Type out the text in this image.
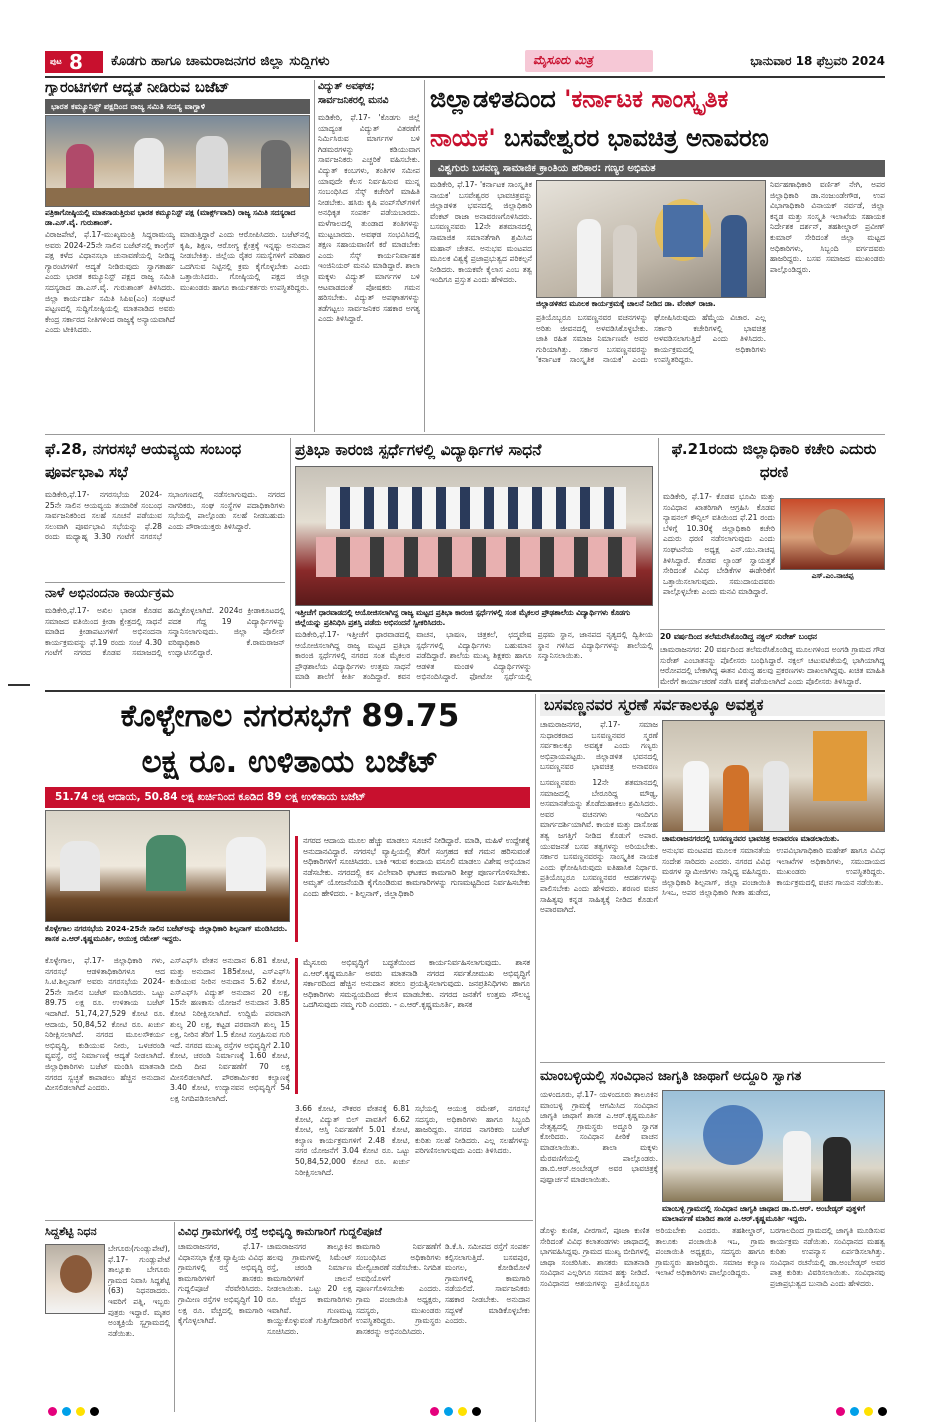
ಪುಟ 8 ಕೊಡಗು ಹಾಗೂ ಚಾಮರಾಜನಗರ ಜಿಲ್ಲಾ ಸುದ್ದಿಗಳು	ಮೈಸೂರು ಮಿತ್ರ	ಭಾನುವಾರ 18 ಫೆಬ್ರವರಿ 2024
ಗ್ಯಾರಂಟಿಗಳಿಗೆ ಆದ್ಯತೆ ನೀಡಿರುವ ಬಜೆಟ್
ಭಾರತ ಕಮ್ಯೂನಿಸ್ಟ್ ಪಕ್ಷದಿಂದ ರಾಜ್ಯ ಸಮಿತಿ ಸದಸ್ಯ ವಾಗ್ದಾಳಿ
ಪತ್ರಿಕಾಗೋಷ್ಠಿಯಲ್ಲಿ ಮಾತನಾಡುತ್ತಿರುವ ಭಾರತ ಕಮ್ಯೂನಿಸ್ಟ್ ಪಕ್ಷ (ಮಾರ್ಕ್ಸ್‌ವಾದಿ) ರಾಜ್ಯ ಸಮಿತಿ ಸದಸ್ಯರಾದ ಡಾ.ಎಸ್.ವೈ. ಗುರುಶಾಂತ್.
ವಿರಾಜಪೇಟೆ, ಫೆ.17-ಮುಖ್ಯಮಂತ್ರಿ ಸಿದ್ದರಾಮಯ್ಯ ಅವರು 2024-25ನೇ ಸಾಲಿನ ಬಜೆಟ್‌ನಲ್ಲಿ ಕಾಂಗ್ರೆಸ್ ಪಕ್ಷ ಕಳೆದ ವಿಧಾನಸಭಾ ಚುನಾವಣೆಯಲ್ಲಿ ನೀಡಿದ್ದ ಗ್ಯಾರಂಟಿಗಳಿಗೆ ಆದ್ಯತೆ ನೀಡಿರುವುದು ಸ್ವಾಗತಾರ್ಹ ಎಂದು ಭಾರತ ಕಮ್ಯೂನಿಸ್ಟ್ ಪಕ್ಷದ ರಾಜ್ಯ ಸಮಿತಿ ಸದಸ್ಯರಾದ ಡಾ.ಎಸ್.ವೈ. ಗುರುಶಾಂತ್ ತಿಳಿಸಿದರು. ಜಿಲ್ಲಾ ಕಾರ್ಯದರ್ಶಿ ಸಮಿತಿ ಸಿಪಿಐ(ಎಂ) ಸಂಘಟನೆ ಪಟ್ಟಣದಲ್ಲಿ ಸುದ್ದಿಗೋಷ್ಠಿಯಲ್ಲಿ ಮಾತನಾಡಿದ ಅವರು ಕೇಂದ್ರ ಸರ್ಕಾರದ ನೀತಿಗಳಿಂದ ರಾಜ್ಯಕ್ಕೆ ಅನ್ಯಾಯವಾಗಿದೆ ಎಂದು ಟೀಕಿಸಿದರು.
ಮಾಡುತ್ತಿದ್ದಾರೆ ಎಂದು ಆರೋಪಿಸಿದರು. ಬಜೆಟ್‌ನಲ್ಲಿ ಕೃಷಿ, ಶಿಕ್ಷಣ, ಆರೋಗ್ಯ ಕ್ಷೇತ್ರಕ್ಕೆ ಇನ್ನಷ್ಟು ಅನುದಾನ ನೀಡಬೇಕಿತ್ತು. ಜಿಲ್ಲೆಯ ರೈತರ ಸಮಸ್ಯೆಗಳಿಗೆ ಪರಿಹಾರ ಒದಗಿಸುವ ನಿಟ್ಟಿನಲ್ಲಿ ಕ್ರಮ ಕೈಗೊಳ್ಳಬೇಕು ಎಂದು ಒತ್ತಾಯಿಸಿದರು. ಗೋಷ್ಠಿಯಲ್ಲಿ ಪಕ್ಷದ ಜಿಲ್ಲಾ ಮುಖಂಡರು ಹಾಗೂ ಕಾರ್ಯಕರ್ತರು ಉಪಸ್ಥಿತರಿದ್ದರು.
ವಿದ್ಯುತ್ ಅವಘಡ; ಸಾರ್ವಜನಿಕರಲ್ಲಿ ಮನವಿ
ಮಡಿಕೇರಿ, ಫೆ.17- 'ಕೊಡಗು ಜಿಲ್ಲೆ ಯಾದ್ಯಂತ ವಿದ್ಯುತ್ ವಿತರಣೆಗೆ ನಿರ್ಮಿಸಿರುವ ಮಾರ್ಗಗಳ ಬಳಿ ಗಿಡಮರಗಳನ್ನು ಕಡಿಯುವಾಗ ಸಾರ್ವಜನಿಕರು ಎಚ್ಚರಿಕೆ ವಹಿಸಬೇಕು. ವಿದ್ಯುತ್ ಕಂಬಗಳು, ತಂತಿಗಳ ಸಮೀಪ ಯಾವುದೇ ಕೆಲಸ ನಿರ್ವಹಿಸುವ ಮುನ್ನ ಸಂಬಂಧಿಸಿದ ಸೆಸ್ಕ್ ಕಚೇರಿಗೆ ಮಾಹಿತಿ ನೀಡಬೇಕು. ಹಸಿರು ಕೃಷಿ ಪಂಪ್‌ಸೆಟ್‌ಗಳಿಗೆ ಅನಧಿಕೃತ ಸಂಪರ್ಕ ಪಡೆಯಬಾರದು. ಮಳೆಗಾಲದಲ್ಲಿ ತುಂಡಾದ ತಂತಿಗಳನ್ನು ಮುಟ್ಟಬಾರದು. ಅವಘಡ ಸಂಭವಿಸಿದಲ್ಲಿ ತಕ್ಷಣ ಸಹಾಯವಾಣಿಗೆ ಕರೆ ಮಾಡಬೇಕು ಎಂದು ಸೆಸ್ಕ್ ಕಾರ್ಯನಿರ್ವಾಹಕ ಇಂಜಿನಿಯರ್ ಮನವಿ ಮಾಡಿದ್ದಾರೆ. ಶಾಲಾ ಮಕ್ಕಳು ವಿದ್ಯುತ್ ಮಾರ್ಗಗಳ ಬಳಿ ಆಟವಾಡದಂತೆ ಪೋಷಕರು ಗಮನ ಹರಿಸಬೇಕು. ವಿದ್ಯುತ್ ಅಪಘಾತಗಳನ್ನು ತಡೆಗಟ್ಟಲು ಸಾರ್ವಜನಿಕರ ಸಹಕಾರ ಅಗತ್ಯ ಎಂದು ತಿಳಿಸಿದ್ದಾರೆ.
ಜಿಲ್ಲಾಡಳಿತದಿಂದ 'ಕರ್ನಾಟಕ ಸಾಂಸ್ಕೃತಿಕ
ನಾಯಕ' ಬಸವೇಶ್ವರರ ಭಾವಚಿತ್ರ ಅನಾವರಣ
ವಿಶ್ವಗುರು ಬಸವಣ್ಣ ಸಾಮಾಜಿಕ ಕ್ರಾಂತಿಯ ಹರಿಕಾರ: ಗಣ್ಯರ ಅಭಿಮತ
ಜಿಲ್ಲಾಡಳಿತದ ಮೂಲಕ ಕಾರ್ಯಕ್ರಮಕ್ಕೆ ಚಾಲನೆ ನೀಡಿದ ಡಾ. ವೆಂಕಟ್ ರಾಜಾ.
ಮಡಿಕೇರಿ, ಫೆ.17- 'ಕರ್ನಾಟಕ ಸಾಂಸ್ಕೃತಿಕ ನಾಯಕ' ಬಸವೇಶ್ವರರ ಭಾವಚಿತ್ರವನ್ನು ಜಿಲ್ಲಾಡಳಿತ ಭವನದಲ್ಲಿ ಜಿಲ್ಲಾಧಿಕಾರಿ ವೆಂಕಟ್ ರಾಜಾ ಅನಾವರಣಗೊಳಿಸಿದರು. ಬಸವಣ್ಣನವರು 12ನೇ ಶತಮಾನದಲ್ಲಿ ಸಾಮಾಜಿಕ ಸಮಾನತೆಗಾಗಿ ಶ್ರಮಿಸಿದ ಮಹಾನ್ ಚೇತನ. ಅನುಭವ ಮಂಟಪದ ಮೂಲಕ ವಿಶ್ವಕ್ಕೆ ಪ್ರಜಾಪ್ರಭುತ್ವದ ಪರಿಕಲ್ಪನೆ ನೀಡಿದರು. ಕಾಯಕವೇ ಕೈಲಾಸ ಎಂಬ ತತ್ವ ಇಂದಿಗೂ ಪ್ರಸ್ತುತ ಎಂದು ಹೇಳಿದರು.
ಪ್ರತಿಯೊಬ್ಬರೂ ಬಸವಣ್ಣನವರ ವಚನಗಳನ್ನು ಅರಿತು ಜೀವನದಲ್ಲಿ ಅಳವಡಿಸಿಕೊಳ್ಳಬೇಕು. ಜಾತಿ ರಹಿತ ಸಮಾಜ ನಿರ್ಮಾಣವೇ ಅವರ ಗುರಿಯಾಗಿತ್ತು. ಸರ್ಕಾರ ಬಸವಣ್ಣನವರನ್ನು 'ಕರ್ನಾಟಕ ಸಾಂಸ್ಕೃತಿಕ ನಾಯಕ' ಎಂದು ಘೋಷಿಸಿರುವುದು ಹೆಮ್ಮೆಯ ವಿಚಾರ. ಎಲ್ಲ ಸರ್ಕಾರಿ ಕಚೇರಿಗಳಲ್ಲಿ ಭಾವಚಿತ್ರ ಅಳವಡಿಸಲಾಗುತ್ತಿದೆ ಎಂದು ತಿಳಿಸಿದರು. ಕಾರ್ಯಕ್ರಮದಲ್ಲಿ ಅಧಿಕಾರಿಗಳು ಉಪಸ್ಥಿತರಿದ್ದರು.
ನಿರ್ವಹಣಾಧಿಕಾರಿ ವರ್ಣಿತ್ ನೇಗಿ, ಅಪರ ಜಿಲ್ಲಾಧಿಕಾರಿ ಡಾ.ನಂಜುಂಡೇಗೌಡ, ಉಪ ವಿಭಾಗಾಧಿಕಾರಿ ವಿನಾಯಕ್ ನರ್ವಡೆ, ಜಿಲ್ಲಾ ಕನ್ನಡ ಮತ್ತು ಸಂಸ್ಕೃತಿ ಇಲಾಖೆಯ ಸಹಾಯಕ ನಿರ್ದೇಶಕ ದರ್ಶನ್, ತಹಶೀಲ್ದಾರ್ ಪ್ರವೀಣ್ ಕುಮಾರ್ ಸೇರಿದಂತೆ ಜಿಲ್ಲಾ ಮಟ್ಟದ ಅಧಿಕಾರಿಗಳು, ಸಿಬ್ಬಂದಿ ವರ್ಗದವರು ಹಾಜರಿದ್ದರು. ಬಸವ ಸಮಾಜದ ಮುಖಂಡರು ಪಾಲ್ಗೊಂಡಿದ್ದರು.
ಫೆ.28, ನಗರಸಭೆ ಆಯವ್ಯಯ ಸಂಬಂಧ ಪೂರ್ವಭಾವಿ ಸಭೆ
ಮಡಿಕೇರಿ,ಫೆ.17- ನಗರಸಭೆಯ 2024-25ನೇ ಸಾಲಿನ ಆಯವ್ಯಯ ತಯಾರಿಕೆ ಸಂಬಂಧ ಸಾರ್ವಜನಿಕರಿಂದ ಸಲಹೆ ಸೂಚನೆ ಪಡೆಯುವ ಸಲುವಾಗಿ ಪೂರ್ವಭಾವಿ ಸಭೆಯನ್ನು ಫೆ.28 ರಂದು ಮಧ್ಯಾಹ್ನ 3.30 ಗಂಟೆಗೆ ನಗರಸಭೆ ಸಭಾಂಗಣದಲ್ಲಿ ನಡೆಸಲಾಗುವುದು. ನಗರದ ನಾಗರಿಕರು, ಸಂಘ ಸಂಸ್ಥೆಗಳ ಪದಾಧಿಕಾರಿಗಳು ಸಭೆಯಲ್ಲಿ ಪಾಲ್ಗೊಂಡು ಸಲಹೆ ನೀಡಬಹುದು ಎಂದು ಪೌರಾಯುಕ್ತರು ತಿಳಿಸಿದ್ದಾರೆ.
ನಾಳೆ ಅಭಿನಂದನಾ ಕಾರ್ಯಕ್ರಮ
ಮಡಿಕೇರಿ,ಫೆ.17- ಅಖಿಲ ಭಾರತ ಕೊಡವ ಸಮಾಜದ ವತಿಯಿಂದ ಕ್ರೀಡಾ ಕ್ಷೇತ್ರದಲ್ಲಿ ಸಾಧನೆ ಮಾಡಿದ ಕ್ರೀಡಾಪಟುಗಳಿಗೆ ಅಭಿನಂದನಾ ಕಾರ್ಯಕ್ರಮವನ್ನು ಫೆ.19 ರಂದು ಸಂಜೆ 4.30 ಗಂಟೆಗೆ ನಗರದ ಕೊಡವ ಸಮಾಜದಲ್ಲಿ ಹಮ್ಮಿಕೊಳ್ಳಲಾಗಿದೆ. 2024ರ ಕ್ರೀಡಾಕೂಟದಲ್ಲಿ ಪದಕ ಗೆದ್ದ 19 ವಿದ್ಯಾರ್ಥಿಗಳನ್ನು ಸನ್ಮಾನಿಸಲಾಗುವುದು. ಜಿಲ್ಲಾ ಪೊಲೀಸ್ ವರಿಷ್ಠಾಧಿಕಾರಿ ಕೆ.ರಾಮರಾಜನ್ ಉದ್ಘಾಟಿಸಲಿದ್ದಾರೆ.
ಪ್ರತಿಭಾ ಕಾರಂಜಿ ಸ್ಪರ್ಧೆಗಳಲ್ಲಿ ವಿದ್ಯಾರ್ಥಿಗಳ ಸಾಧನೆ
ಇತ್ತೀಚೆಗೆ ಧಾರವಾಡದಲ್ಲಿ ಆಯೋಜಿಸಲಾಗಿದ್ದ ರಾಜ್ಯ ಮಟ್ಟದ ಪ್ರತಿಭಾ ಕಾರಂಜಿ ಸ್ಪರ್ಧೆಗಳಲ್ಲಿ ಸಂತ ಮೈಕಲರ ಪ್ರೌಢಶಾಲೆಯ ವಿದ್ಯಾರ್ಥಿಗಳು ಕೊಡಗು ಜಿಲ್ಲೆಯನ್ನು ಪ್ರತಿನಿಧಿಸಿ ಪ್ರಶಸ್ತಿ ಪಡೆದು ಅಭಿನಂದನೆ ಸ್ವೀಕರಿಸಿದರು.
ಮಡಿಕೇರಿ,ಫೆ.17- ಇತ್ತೀಚೆಗೆ ಧಾರವಾಡದಲ್ಲಿ ಆಯೋಜಿಸಲಾಗಿದ್ದ ರಾಜ್ಯ ಮಟ್ಟದ ಪ್ರತಿಭಾ ಕಾರಂಜಿ ಸ್ಪರ್ಧೆಗಳಲ್ಲಿ ನಗರದ ಸಂತ ಮೈಕಲರ ಪ್ರೌಢಶಾಲೆಯ ವಿದ್ಯಾರ್ಥಿಗಳು ಉತ್ತಮ ಸಾಧನೆ ಮಾಡಿ ಶಾಲೆಗೆ ಕೀರ್ತಿ ತಂದಿದ್ದಾರೆ. ಕವನ ವಾಚನ, ಭಾಷಣ, ಚಿತ್ರಕಲೆ, ಛದ್ಮವೇಷ ಸ್ಪರ್ಧೆಗಳಲ್ಲಿ ವಿದ್ಯಾರ್ಥಿಗಳು ಬಹುಮಾನ ಪಡೆದಿದ್ದಾರೆ. ಶಾಲೆಯ ಮುಖ್ಯ ಶಿಕ್ಷಕರು ಹಾಗೂ ಆಡಳಿತ ಮಂಡಳಿ ವಿದ್ಯಾರ್ಥಿಗಳನ್ನು ಅಭಿನಂದಿಸಿದ್ದಾರೆ. ಫೋಟೋ ಸ್ಪರ್ಧೆಯಲ್ಲಿ ಪ್ರಥಮ ಸ್ಥಾನ, ಜಾನಪದ ನೃತ್ಯದಲ್ಲಿ ದ್ವಿತೀಯ ಸ್ಥಾನ ಗಳಿಸಿದ ವಿದ್ಯಾರ್ಥಿಗಳನ್ನು ಶಾಲೆಯಲ್ಲಿ ಸನ್ಮಾನಿಸಲಾಯಿತು.
ಫೆ.21ರಂದು ಜಿಲ್ಲಾಧಿಕಾರಿ ಕಚೇರಿ ಎದುರು ಧರಣಿ
ಎಸ್.ಎಂ.ನಾಚಪ್ಪ
ಮಡಿಕೇರಿ, ಫೆ.17- ಕೊಡವ ಭೂಮಿ ಮತ್ತು ಸಂವಿಧಾನ ಖಾತರಿಗಾಗಿ ಆಗ್ರಹಿಸಿ ಕೊಡವ ನ್ಯಾಷನಲ್ ಕೌನ್ಸಿಲ್ ವತಿಯಿಂದ ಫೆ.21 ರಂದು ಬೆಳಿಗ್ಗೆ 10.30ಕ್ಕೆ ಜಿಲ್ಲಾಧಿಕಾರಿ ಕಚೇರಿ ಎದುರು ಧರಣಿ ನಡೆಸಲಾಗುವುದು ಎಂದು ಸಂಘಟನೆಯ ಅಧ್ಯಕ್ಷ ಎನ್.ಯು.ನಾಚಪ್ಪ ತಿಳಿಸಿದ್ದಾರೆ. ಕೊಡವ ಲ್ಯಾಂಡ್ ಸ್ವಾಯತ್ತತೆ ಸೇರಿದಂತೆ ವಿವಿಧ ಬೇಡಿಕೆಗಳ ಈಡೇರಿಕೆಗೆ ಒತ್ತಾಯಿಸಲಾಗುವುದು. ಸಮುದಾಯದವರು ಪಾಲ್ಗೊಳ್ಳಬೇಕು ಎಂದು ಮನವಿ ಮಾಡಿದ್ದಾರೆ.
20 ವರ್ಷದಿಂದ ತಲೆಮರೆಸಿಕೊಂಡಿದ್ದ ನಕ್ಸಲ್ ಸುರೇಶ್ ಬಂಧನ
ಚಾಮರಾಜನಗರ: 20 ವರ್ಷದಿಂದ ತಲೆಮರೆಸಿಕೊಂಡಿದ್ದ ಮೂಲಗಳಿಂದ ಅಂಗಡಿ ಗ್ರಾಮದ ಗೌಡ ಸುರೇಶ್ ಎಂಬಾತನನ್ನು ಪೊಲೀಸರು ಬಂಧಿಸಿದ್ದಾರೆ. ನಕ್ಸಲ್ ಚಟುವಟಿಕೆಯಲ್ಲಿ ಭಾಗಿಯಾಗಿದ್ದ ಆರೋಪದಲ್ಲಿ ಬೇಕಾಗಿದ್ದ ಈತನ ವಿರುದ್ಧ ಹಲವು ಪ್ರಕರಣಗಳು ದಾಖಲಾಗಿದ್ದವು. ಖಚಿತ ಮಾಹಿತಿ ಮೇರೆಗೆ ಕಾರ್ಯಾಚರಣೆ ನಡೆಸಿ ವಶಕ್ಕೆ ಪಡೆಯಲಾಗಿದೆ ಎಂದು ಪೊಲೀಸರು ತಿಳಿಸಿದ್ದಾರೆ.
ಕೊಳ್ಳೇಗಾಲ ನಗರಸಭೆಗೆ 89.75
ಲಕ್ಷ ರೂ. ಉಳಿತಾಯ ಬಜೆಟ್
51.74 ಲಕ್ಷ ಆದಾಯ, 50.84 ಲಕ್ಷ ಖರ್ಚಿನಿಂದ ಕೂಡಿದ 89 ಲಕ್ಷ ಉಳಿತಾಯ ಬಜೆಟ್
ಕೊಳ್ಳೇಗಾಲ ನಗರಸಭೆಯ 2024-25ನೇ ಸಾಲಿನ ಬಜೆಟ್‌ಅನ್ನು ಜಿಲ್ಲಾಧಿಕಾರಿ ಶಿಲ್ಪನಾಗ್ ಮಂಡಿಸಿದರು. ಶಾಸಕ ಎ.ಆರ್.ಕೃಷ್ಣಮೂರ್ತಿ, ಆಯುಕ್ತ ರಮೇಶ್ ಇದ್ದರು.
ಕೊಳ್ಳೇಗಾಲ, ಫೆ.17- ಜಿಲ್ಲಾಧಿಕಾರಿ ಗಳು, ನಗರಸಭೆ ಆಡಳಿತಾಧಿಕಾರಿಗಳೂ ಆದ ಸಿ.ಟಿ.ಶಿಲ್ಪನಾಗ್ ಅವರು ನಗರಸಭೆಯ 2024-25ನೇ ಸಾಲಿನ ಬಜೆಟ್ ಮಂಡಿಸಿದರು. ಒಟ್ಟು 89.75 ಲಕ್ಷ ರೂ. ಉಳಿತಾಯ ಬಜೆಟ್ ಇದಾಗಿದೆ. 51,74,27,529 ಕೋಟಿ ರೂ. ಆದಾಯ, 50,84,52 ಕೋಟಿ ರೂ. ಖರ್ಚು ನಿರೀಕ್ಷಿಸಲಾಗಿದೆ. ನಗರದ ಮೂಲಸೌಕರ್ಯ ಅಭಿವೃದ್ಧಿ, ಕುಡಿಯುವ ನೀರು, ಒಳಚರಂಡಿ ವ್ಯವಸ್ಥೆ, ರಸ್ತೆ ನಿರ್ಮಾಣಕ್ಕೆ ಆದ್ಯತೆ ನೀಡಲಾಗಿದೆ. ಜಿಲ್ಲಾಧಿಕಾರಿಗಳು ಬಜೆಟ್ ಮಂಡಿಸಿ ಮಾತನಾಡಿ ನಗರದ ಸ್ವಚ್ಛತೆ ಕಾಪಾಡಲು ಹೆಚ್ಚಿನ ಅನುದಾನ ಮೀಸಲಿಡಲಾಗಿದೆ ಎಂದರು.
ಎಸ್‌ಎಫ್‌ಸಿ ವೇತನ ಅನುದಾನ 6.81 ಕೋಟಿ, ಮತ್ತು ಅನುದಾನ 185ಕೋಟಿ, ಎಸ್‌ಎಫ್‌ಸಿ ಕುಡಿಯುವ ನೀರಿನ ಅನುದಾನ 5.62 ಕೋಟಿ, ಎಸ್‌ಎಫ್‌ಸಿ ವಿದ್ಯುತ್ ಅನುದಾನ 20 ಲಕ್ಷ, 15ನೇ ಹಣಕಾಸು ಯೋಜನೆ ಅನುದಾನ 3.85 ಕೋಟಿ ನಿರೀಕ್ಷಿಸಲಾಗಿದೆ. ಉದ್ದಿಮೆ ಪರವಾನಗಿ ಶುಲ್ಕ 20 ಲಕ್ಷ, ಕಟ್ಟಡ ಪರವಾನಗಿ ಶುಲ್ಕ 15 ಲಕ್ಷ, ನೀರಿನ ತೆರಿಗೆ 1.5 ಕೋಟಿ ಸಂಗ್ರಹಿಸುವ ಗುರಿ ಇದೆ. ನಗರದ ಮುಖ್ಯ ರಸ್ತೆಗಳ ಅಭಿವೃದ್ಧಿಗೆ 2.10 ಕೋಟಿ, ಚರಂಡಿ ನಿರ್ಮಾಣಕ್ಕೆ 1.60 ಕೋಟಿ, ಬೀದಿ ದೀಪ ನಿರ್ವಹಣೆಗೆ 70 ಲಕ್ಷ ಮೀಸಲಿಡಲಾಗಿದೆ. ಪೌರಕಾರ್ಮಿಕರ ಕಲ್ಯಾಣಕ್ಕೆ 3.40 ಕೋಟಿ, ಉದ್ಯಾನವನ ಅಭಿವೃದ್ಧಿಗೆ 54 ಲಕ್ಷ ನಿಗದಿಪಡಿಸಲಾಗಿದೆ.
ನಗರದ ಆದಾಯ ಮೂಲ ಹೆಚ್ಚು ಮಾಡಲು ಸೂಚನೆ ನೀಡಿದ್ದಾರೆ. ಮಾಡಿ, ಮಹಿಳೆ ಉದ್ದೇಶಕ್ಕೆ ಅನುದಾನವಿದ್ದಾರೆ. ನಗರಸಭೆ ವ್ಯಾಪ್ತಿಯಲ್ಲಿ ತೆರಿಗೆ ಸಂಗ್ರಹದ ಕಡೆ ಗಮನ ಹರಿಸುವಂತೆ ಅಧಿಕಾರಿಗಳಿಗೆ ಸೂಚಿಸಿದರು. ಬಾಕಿ ಇರುವ ಕಂದಾಯ ವಸೂಲಿ ಮಾಡಲು ವಿಶೇಷ ಅಭಿಯಾನ ನಡೆಸಬೇಕು. ನಗರದಲ್ಲಿ ಕಸ ವಿಲೇವಾರಿ ಘಟಕದ ಕಾಮಗಾರಿ ಶೀಘ್ರ ಪೂರ್ಣಗೊಳಿಸಬೇಕು. ಅಮೃತ್ ಯೋಜನೆಯಡಿ ಕೈಗೊಂಡಿರುವ ಕಾಮಗಾರಿಗಳನ್ನು ಗುಣಮಟ್ಟದಿಂದ ನಿರ್ವಹಿಸಬೇಕು ಎಂದು ಹೇಳಿದರು. - ಶಿಲ್ಪನಾಗ್, ಜಿಲ್ಲಾಧಿಕಾರಿ
ಮೈಸೂರು ಅಭಿವೃದ್ಧಿಗೆ ಬದ್ಧತೆಯಿಂದ ಕಾರ್ಯನಿರ್ವಹಿಸಲಾಗುವುದು. ಶಾಸಕ ಎ.ಆರ್.ಕೃಷ್ಣಮೂರ್ತಿ ಅವರು ಮಾತನಾಡಿ ನಗರದ ಸರ್ವತೋಮುಖ ಅಭಿವೃದ್ಧಿಗೆ ಸರ್ಕಾರದಿಂದ ಹೆಚ್ಚಿನ ಅನುದಾನ ತರಲು ಪ್ರಯತ್ನಿಸಲಾಗುವುದು. ಜನಪ್ರತಿನಿಧಿಗಳು ಹಾಗೂ ಅಧಿಕಾರಿಗಳು ಸಮನ್ವಯದಿಂದ ಕೆಲಸ ಮಾಡಬೇಕು. ನಗರದ ಜನತೆಗೆ ಉತ್ತಮ ಸೌಲಭ್ಯ ಒದಗಿಸುವುದು ನಮ್ಮ ಗುರಿ ಎಂದರು. - ಎ.ಆರ್.ಕೃಷ್ಣಮೂರ್ತಿ, ಶಾಸಕ
3.66 ಕೋಟಿ, ನೌಕರರ ವೇತನಕ್ಕೆ 6.81 ಕೋಟಿ, ವಿದ್ಯುತ್ ಬಿಲ್ ಪಾವತಿಗೆ 6.62 ಕೋಟಿ, ಆಸ್ತಿ ನಿರ್ವಹಣೆಗೆ 5.01 ಕೋಟಿ, ಕಲ್ಯಾಣ ಕಾರ್ಯಕ್ರಮಗಳಿಗೆ 2.48 ಕೋಟಿ, ನಗರ ಯೋಜನೆಗೆ 3.04 ಕೋಟಿ ರೂ. ಒಟ್ಟು 50,84,52,000 ಕೋಟಿ ರೂ. ಖರ್ಚು ನಿರೀಕ್ಷಿಸಲಾಗಿದೆ.
ಸಭೆಯಲ್ಲಿ ಆಯುಕ್ತ ರಮೇಶ್, ನಗರಸಭೆ ಸದಸ್ಯರು, ಅಧಿಕಾರಿಗಳು ಹಾಗೂ ಸಿಬ್ಬಂದಿ ಹಾಜರಿದ್ದರು. ನಗರದ ನಾಗರಿಕರು ಬಜೆಟ್ ಕುರಿತು ಸಲಹೆ ನೀಡಿದರು. ಎಲ್ಲ ಸಲಹೆಗಳನ್ನು ಪರಿಗಣಿಸಲಾಗುವುದು ಎಂದು ತಿಳಿಸಿದರು.
ಬಸವಣ್ಣನವರ ಸ್ಮರಣೆ ಸರ್ವಕಾಲಕ್ಕೂ ಅವಶ್ಯಕ
ಚಾಮರಾಜನಗರ, ಫೆ.17- ಸಮಾಜ ಸುಧಾರಕರಾದ ಬಸವಣ್ಣನವರ ಸ್ಮರಣೆ ಸರ್ವಕಾಲಕ್ಕೂ ಅವಶ್ಯಕ ಎಂದು ಗಣ್ಯರು ಅಭಿಪ್ರಾಯಪಟ್ಟರು. ಜಿಲ್ಲಾಡಳಿತ ಭವನದಲ್ಲಿ ಬಸವಣ್ಣನವರ ಭಾವಚಿತ್ರ ಅನಾವರಣ
ಬಸವಣ್ಣನವರು 12ನೇ ಶತಮಾನದಲ್ಲಿ ಸಮಾಜದಲ್ಲಿ ಬೇರೂರಿದ್ದ ಮೌಢ್ಯ, ಅಸಮಾನತೆಯನ್ನು ತೊಡೆದುಹಾಕಲು ಶ್ರಮಿಸಿದರು. ಅವರ ವಚನಗಳು ಇಂದಿಗೂ ಮಾರ್ಗದರ್ಶಿಯಾಗಿವೆ. ಕಾಯಕ ಮತ್ತು ದಾಸೋಹ ತತ್ವ ಜಗತ್ತಿಗೆ ನೀಡಿದ ಕೊಡುಗೆ ಅಪಾರ. ಯುವಜನತೆ ಬಸವ ತತ್ವಗಳನ್ನು ಅರಿಯಬೇಕು. ಸರ್ಕಾರ ಬಸವಣ್ಣನವರನ್ನು ಸಾಂಸ್ಕೃತಿಕ ನಾಯಕ ಎಂದು ಘೋಷಿಸಿರುವುದು ಐತಿಹಾಸಿಕ ನಿರ್ಧಾರ. ಪ್ರತಿಯೊಬ್ಬರೂ ಬಸವಣ್ಣನವರ ಆದರ್ಶಗಳನ್ನು ಪಾಲಿಸಬೇಕು ಎಂದು ಹೇಳಿದರು. ಶರಣರ ವಚನ ಸಾಹಿತ್ಯವು ಕನ್ನಡ ಸಾಹಿತ್ಯಕ್ಕೆ ನೀಡಿದ ಕೊಡುಗೆ ಅಪಾರವಾಗಿದೆ.
ಚಾಮರಾಜನಗರದಲ್ಲಿ ಬಸವಣ್ಣನವರ ಭಾವಚಿತ್ರ ಅನಾವರಣ ಮಾಡಲಾಯಿತು.
ಅನುಭವ ಮಂಟಪದ ಮೂಲಕ ಸಮಾನತೆಯ ಸಂದೇಶ ಸಾರಿದರು ಎಂದರು. ನಗರದ ವಿವಿಧ ಮಠಗಳ ಸ್ವಾಮೀಜಿಗಳು ಸಾನ್ನಿಧ್ಯ ವಹಿಸಿದ್ದರು. ಜಿಲ್ಲಾಧಿಕಾರಿ ಶಿಲ್ಪನಾಗ್, ಜಿಲ್ಲಾ ಪಂಚಾಯಿತಿ ಸಿಇಒ, ಅಪರ ಜಿಲ್ಲಾಧಿಕಾರಿ ಗೀತಾ ಹುಡೇದ, ಉಪವಿಭಾಗಾಧಿಕಾರಿ ಮಹೇಶ್ ಹಾಗೂ ವಿವಿಧ ಇಲಾಖೆಗಳ ಅಧಿಕಾರಿಗಳು, ಸಮುದಾಯದ ಮುಖಂಡರು ಉಪಸ್ಥಿತರಿದ್ದರು. ಕಾರ್ಯಕ್ರಮದಲ್ಲಿ ವಚನ ಗಾಯನ ನಡೆಯಿತು.
ಮಾಂಬಳ್ಳಿಯಲ್ಲಿ ಸಂವಿಧಾನ ಜಾಗೃತಿ ಜಾಥಾಗೆ ಅದ್ದೂರಿ ಸ್ವಾಗತ
ಯಳಂದೂರು, ಫೆ.17- ಯಳಂದೂರು ತಾಲೂಕಿನ ಮಾಂಬಳ್ಳಿ ಗ್ರಾಮಕ್ಕೆ ಆಗಮಿಸಿದ ಸಂವಿಧಾನ ಜಾಗೃತಿ ಜಾಥಾಗೆ ಶಾಸಕ ಎ.ಆರ್.ಕೃಷ್ಣಮೂರ್ತಿ ನೇತೃತ್ವದಲ್ಲಿ ಗ್ರಾಮಸ್ಥರು ಅದ್ದೂರಿ ಸ್ವಾಗತ ಕೋರಿದರು. ಸಂವಿಧಾನ ಪೀಠಿಕೆ ವಾಚನ ಮಾಡಲಾಯಿತು. ಶಾಲಾ ಮಕ್ಕಳು ಮೆರವಣಿಗೆಯಲ್ಲಿ ಪಾಲ್ಗೊಂಡರು. ಡಾ.ಬಿ.ಆರ್.ಅಂಬೇಡ್ಕರ್ ಅವರ ಭಾವಚಿತ್ರಕ್ಕೆ ಪುಷ್ಪಾರ್ಚನೆ ಮಾಡಲಾಯಿತು.
ಮಾಂಬಳ್ಳಿ ಗ್ರಾಮದಲ್ಲಿ ಸಂವಿಧಾನ ಜಾಗೃತಿ ಜಾಥಾದ ಡಾ.ಬಿ.ಆರ್. ಅಂಬೇಡ್ಕರ್ ಪುತ್ಥಳಿಗೆ ಮಾಲಾರ್ಪಣೆ ಮಾಡಿದ ಶಾಸಕ ಎ.ಆರ್.ಕೃಷ್ಣಮೂರ್ತಿ ಇದ್ದರು.
ಡೊಳ್ಳು ಕುಣಿತ, ವೀರಗಾಸೆ, ಪೂಜಾ ಕುಣಿತ ಸೇರಿದಂತೆ ವಿವಿಧ ಕಲಾತಂಡಗಳು ಜಾಥಾದಲ್ಲಿ ಭಾಗವಹಿಸಿದ್ದವು. ಗ್ರಾಮದ ಮುಖ್ಯ ಬೀದಿಗಳಲ್ಲಿ ಜಾಥಾ ಸಂಚರಿಸಿತು. ಶಾಸಕರು ಮಾತನಾಡಿ ಸಂವಿಧಾನ ಎಲ್ಲರಿಗೂ ಸಮಾನ ಹಕ್ಕು ನೀಡಿದೆ. ಸಂವಿಧಾನದ ಆಶಯಗಳನ್ನು ಪ್ರತಿಯೊಬ್ಬರೂ ಅರಿಯಬೇಕು ಎಂದರು. ತಹಶೀಲ್ದಾರ್, ತಾಲೂಕು ಪಂಚಾಯಿತಿ ಇಒ, ಗ್ರಾಮ ಪಂಚಾಯಿತಿ ಅಧ್ಯಕ್ಷರು, ಸದಸ್ಯರು ಹಾಗೂ ಗ್ರಾಮಸ್ಥರು ಹಾಜರಿದ್ದರು. ಸಮಾಜ ಕಲ್ಯಾಣ ಇಲಾಖೆ ಅಧಿಕಾರಿಗಳು ಪಾಲ್ಗೊಂಡಿದ್ದರು.
ಬರಗಾಲದಿಂದ ಗ್ರಾಮದಲ್ಲಿ ಜಾಗೃತಿ ಮೂಡಿಸುವ ಕಾರ್ಯಕ್ರಮ ನಡೆಯಿತು. ಸಂವಿಧಾನದ ಮಹತ್ವ ಕುರಿತು ಉಪನ್ಯಾಸ ಏರ್ಪಡಿಸಲಾಗಿತ್ತು. ಸಂವಿಧಾನ ರಚನೆಯಲ್ಲಿ ಡಾ.ಅಂಬೇಡ್ಕರ್ ಅವರ ಪಾತ್ರ ಕುರಿತು ವಿವರಿಸಲಾಯಿತು. ಸಂವಿಧಾನವು ಪ್ರಜಾಪ್ರಭುತ್ವದ ಬುನಾದಿ ಎಂದು ಹೇಳಿದರು.
ಸಿದ್ದಶೆಟ್ಟಿ ನಿಧನ
ಬೇಗೂರು(ಗುಂಡ್ಲುಪೇಟೆ), ಫೆ.17- ಗುಂಡ್ಲುಪೇಟೆ ತಾಲ್ಲೂಕು ಬೇಗೂರು ಗ್ರಾಮದ ನಿವಾಸಿ ಸಿದ್ದಶೆಟ್ಟಿ (63) ನಿಧನರಾದರು. ಇವರಿಗೆ ಪತ್ನಿ, ಇಬ್ಬರು ಪುತ್ರರು ಇದ್ದಾರೆ. ಮೃತರ ಅಂತ್ಯಕ್ರಿಯೆ ಸ್ವಗ್ರಾಮದಲ್ಲಿ ನಡೆಯಿತು.
ವಿವಿಧ ಗ್ರಾಮಗಳಲ್ಲಿ ರಸ್ತೆ ಅಭಿವೃದ್ಧಿ ಕಾಮಗಾರಿಗೆ ಗುದ್ದಲಿಪೂಜೆ
ಚಾಮರಾಜನಗರ, ಫೆ.17- ವಿಧಾನಸಭಾ ಕ್ಷೇತ್ರ ವ್ಯಾಪ್ತಿಯ ವಿವಿಧ ಗ್ರಾಮಗಳಲ್ಲಿ ರಸ್ತೆ ಅಭಿವೃದ್ಧಿ ಕಾಮಗಾರಿಗಳಿಗೆ ಶಾಸಕರು ಗುದ್ದಲಿಪೂಜೆ ನೆರವೇರಿಸಿದರು. ಗ್ರಾಮೀಣ ರಸ್ತೆಗಳ ಅಭಿವೃದ್ಧಿಗೆ 10 ಲಕ್ಷ ರೂ. ವೆಚ್ಚದಲ್ಲಿ ಕಾಮಗಾರಿ ಕೈಗೊಳ್ಳಲಾಗಿದೆ.
ಚಾಮರಾಜನಗರ ತಾಲ್ಲೂಕಿನ ಹಲವು ಗ್ರಾಮಗಳಲ್ಲಿ ಸಿಮೆಂಟ್ ರಸ್ತೆ, ಚರಂಡಿ ನಿರ್ಮಾಣ ಕಾಮಗಾರಿಗಳಿಗೆ ಚಾಲನೆ ನೀಡಲಾಯಿತು. ಒಟ್ಟು 20 ಲಕ್ಷ ರೂ. ವೆಚ್ಚದ ಕಾಮಗಾರಿಗಳು ಇವಾಗಿವೆ. ಗುಣಮಟ್ಟ ಕಾಯ್ದುಕೊಳ್ಳುವಂತೆ ಗುತ್ತಿಗೆದಾರರಿಗೆ ಸೂಚಿಸಿದರು.
ಕಾಮಗಾರಿ ನಿರ್ವಹಣೆಗೆ ಸಂಬಂಧಿಸಿದ ಅಧಿಕಾರಿಗಳು ಮೇಲ್ವಿಚಾರಣೆ ನಡೆಸಬೇಕು. ನಿಗದಿತ ಅವಧಿಯೊಳಗೆ ಪೂರ್ಣಗೊಳಿಸಬೇಕು ಎಂದರು. ಗ್ರಾಮ ಪಂಚಾಯಿತಿ ಅಧ್ಯಕ್ಷರು, ಸದಸ್ಯರು, ಮುಖಂಡರು ಉಪಸ್ಥಿತರಿದ್ದರು. ಗ್ರಾಮಸ್ಥರು ಶಾಸಕರನ್ನು ಅಭಿನಂದಿಸಿದರು.
ಡಿ.ಕೆ.ಸಿ. ಸಮೀಪದ ರಸ್ತೆಗೆ ಸಂಪರ್ಕ ಕಲ್ಪಿಸಲಾಗುತ್ತಿದೆ. ಬಸವಪುರ, ಮಂಗಲ, ಕೋಡಿಮೋಳೆ ಗ್ರಾಮಗಳಲ್ಲಿ ಕಾಮಗಾರಿ ನಡೆಯಲಿದೆ. ಸಾರ್ವಜನಿಕರು ಸಹಕಾರ ನೀಡಬೇಕು. ಅನುದಾನ ಸದ್ಬಳಕೆ ಮಾಡಿಕೊಳ್ಳಬೇಕು ಎಂದರು.
